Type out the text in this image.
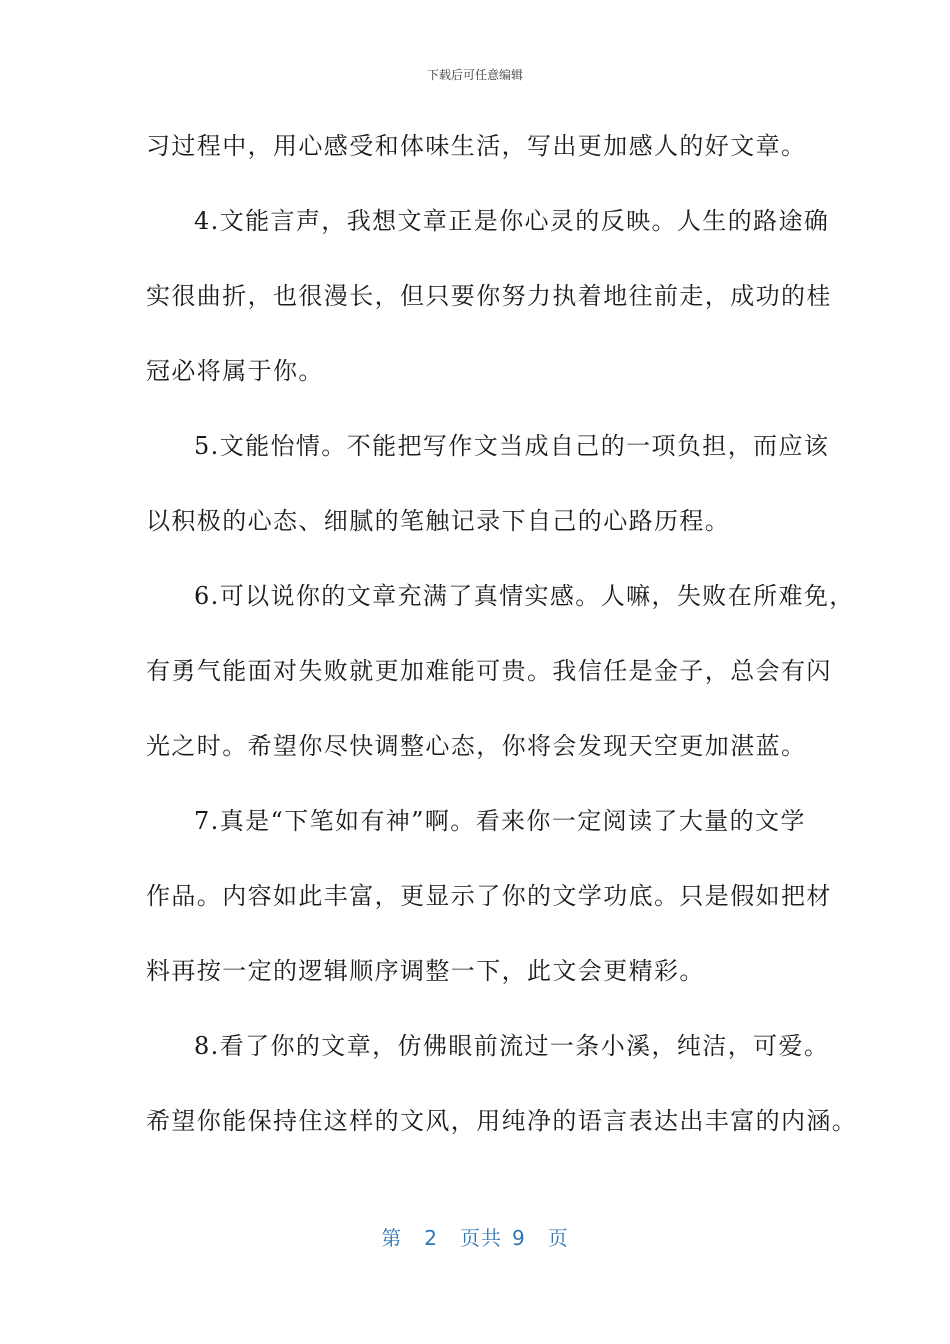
下载后可任意编辑
习过程中，用心感受和体味生活，写出更加感人的好文章。
4.文能言声，我想文章正是你心灵的反映。人生的路途确
实很曲折，也很漫长，但只要你努力执着地往前走，成功的桂
冠必将属于你。
5.文能怡情。不能把写作文当成自己的一项负担，而应该
以积极的心态、细腻的笔触记录下自己的心路历程。
6.可以说你的文章充满了真情实感。人嘛，失败在所难免，
有勇气能面对失败就更加难能可贵。我信任是金子，总会有闪
光之时。希望你尽快调整心态，你将会发现天空更加湛蓝。
7.真是“下笔如有神”啊。看来你一定阅读了大量的文学
作品。内容如此丰富，更显示了你的文学功底。只是假如把材
料再按一定的逻辑顺序调整一下，此文会更精彩。
8.看了你的文章，仿佛眼前流过一条小溪，纯洁，可爱。
希望你能保持住这样的文风，用纯净的语言表达出丰富的内涵。
第 2 页共 9 页
